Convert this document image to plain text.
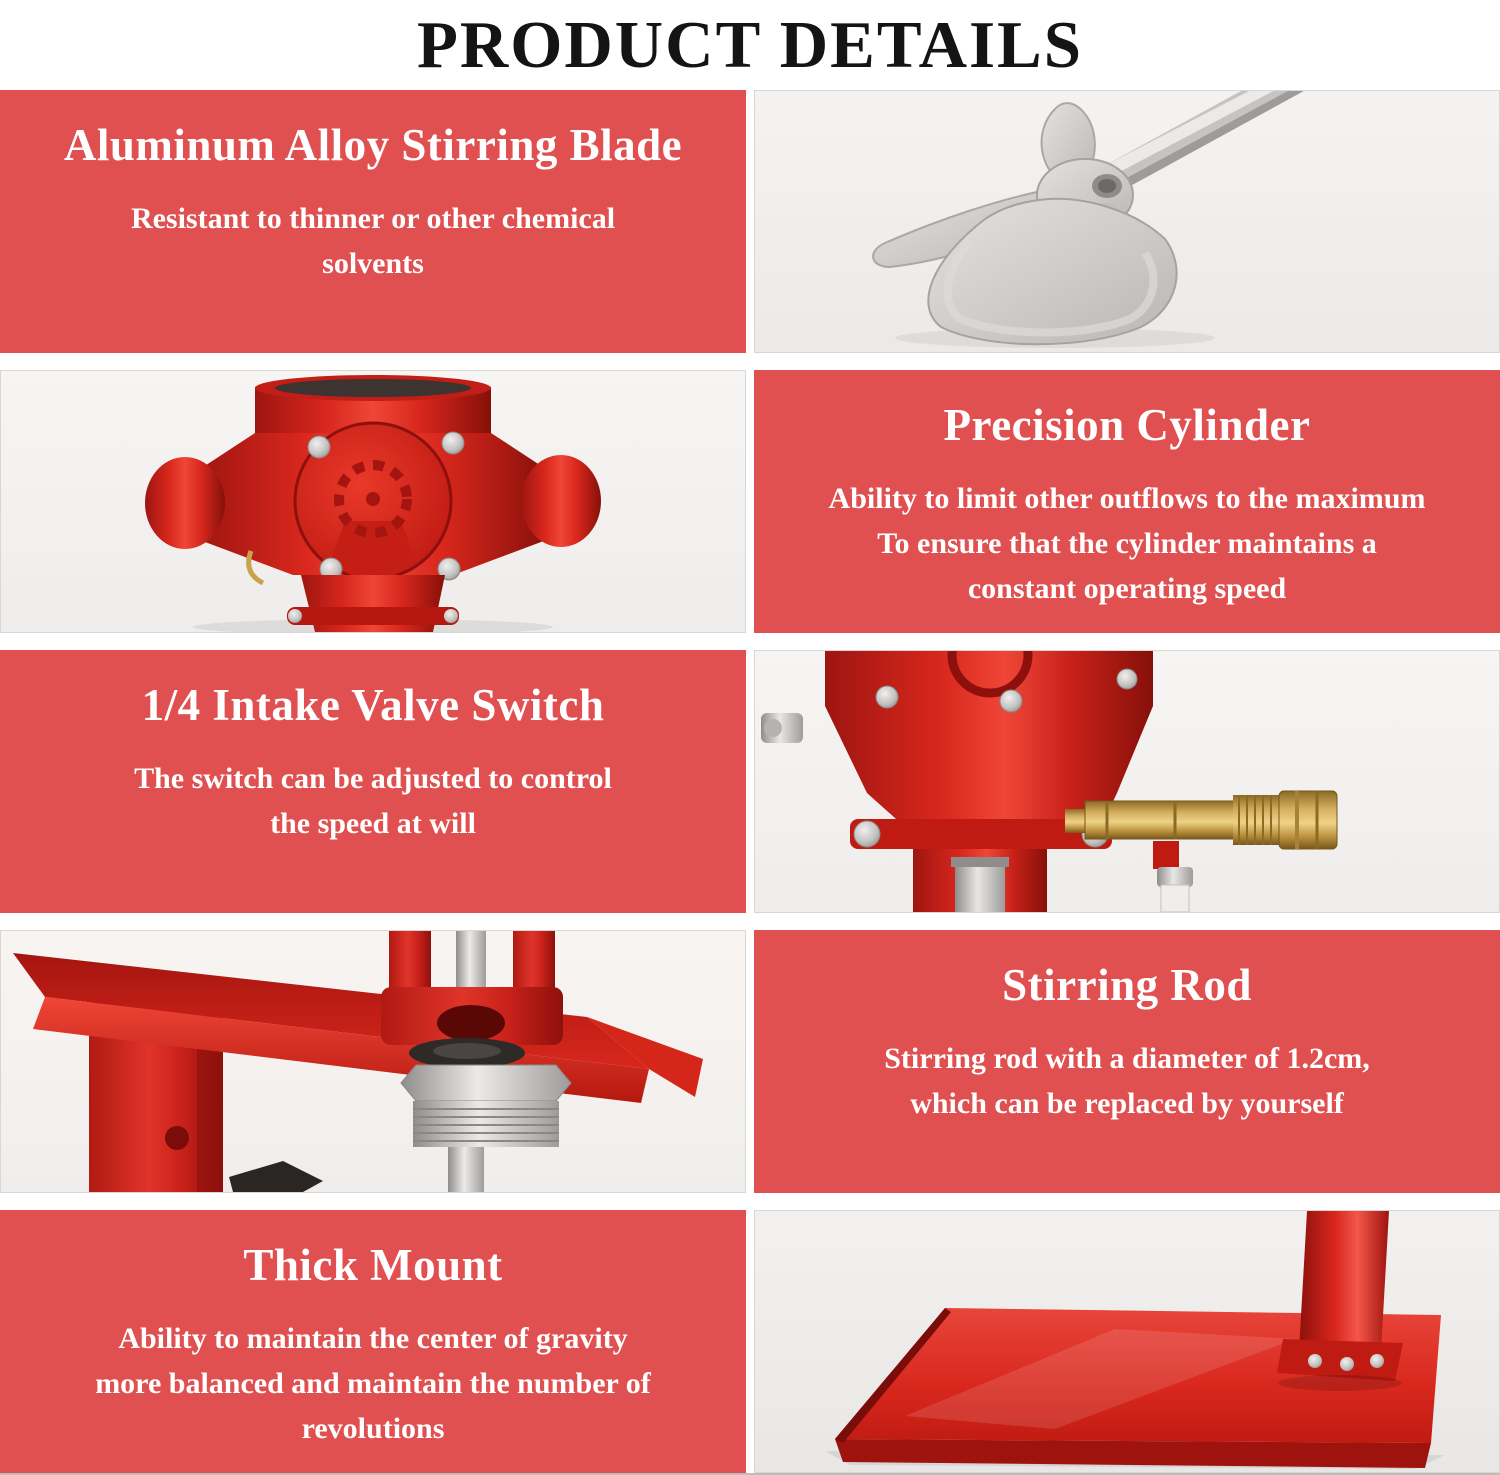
PRODUCT DETAILS
Aluminum Alloy Stirring Blade
Resistant to thinner or other chemical
solvents
Precision Cylinder
Ability to limit other outflows to the maximum
To ensure that the cylinder maintains a
constant operating speed
1/4 Intake Valve Switch
The switch can be adjusted to control
the speed at will
Stirring Rod
Stirring rod with a diameter of 1.2cm,
which can be replaced by yourself
Thick Mount
Ability to maintain the center of gravity
more balanced and maintain the number of
revolutions
